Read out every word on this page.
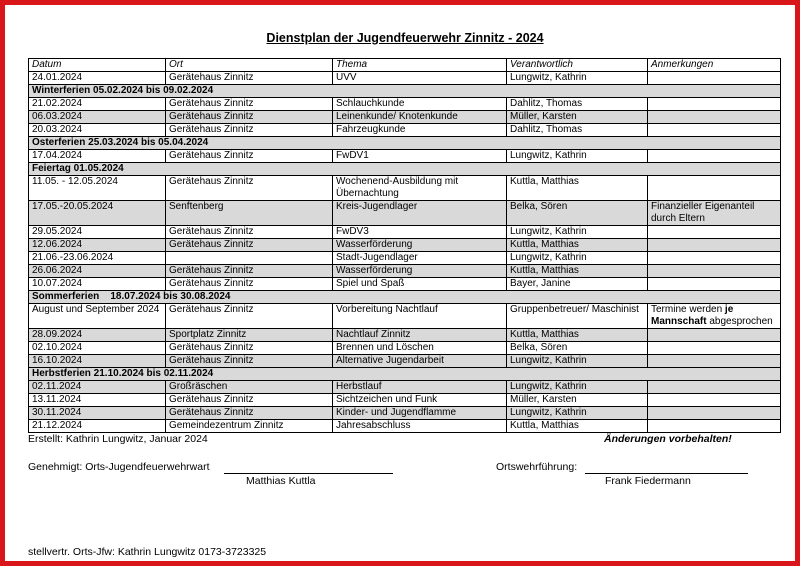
Dienstplan der Jugendfeuerwehr Zinnitz - 2024
Datum	Ort	Thema	Verantwortlich	Anmerkungen
24.01.2024	Gerätehaus Zinnitz	UVV	Lungwitz, Kathrin	
Winterferien 05.02.2024 bis 09.02.2024				
21.02.2024	Gerätehaus Zinnitz	Schlauchkunde	Dahlitz, Thomas	
06.03.2024	Gerätehaus Zinnitz	Leinenkunde/ Knotenkunde	Müller, Karsten	
20.03.2024	Gerätehaus Zinnitz	Fahrzeugkunde	Dahlitz, Thomas	
Osterferien 25.03.2024 bis 05.04.2024				
17.04.2024	Gerätehaus Zinnitz	FwDV1	Lungwitz, Kathrin	
Feiertag 01.05.2024				
11.05. - 12.05.2024	Gerätehaus Zinnitz	Wochenend-Ausbildung mit Übernachtung	Kuttla, Matthias	
17.05.-20.05.2024	Senftenberg	Kreis-Jugendlager	Belka, Sören	Finanzieller Eigenanteil durch Eltern
29.05.2024	Gerätehaus Zinnitz	FwDV3	Lungwitz, Kathrin	
12.06.2024	Gerätehaus Zinnitz	Wasserförderung	Kuttla, Matthias	
21.06.-23.06.2024		Stadt-Jugendlager	Lungwitz, Kathrin	
26.06.2024	Gerätehaus Zinnitz	Wasserförderung	Kuttla, Matthias	
10.07.2024	Gerätehaus Zinnitz	Spiel und Spaß	Bayer, Janine	
Sommerferien    18.07.2024 bis 30.08.2024				
August und September 2024	Gerätehaus Zinnitz	Vorbereitung Nachtlauf	Gruppenbetreuer/ Maschinist	Termine werden je Mannschaft abgesprochen
28.09.2024	Sportplatz Zinnitz	Nachtlauf Zinnitz	Kuttla, Matthias	
02.10.2024	Gerätehaus Zinnitz	Brennen und Löschen	Belka, Sören	
16.10.2024	Gerätehaus Zinnitz	Alternative Jugendarbeit	Lungwitz, Kathrin	
Herbstferien 21.10.2024 bis 02.11.2024				
02.11.2024	Großräschen	Herbstlauf	Lungwitz, Kathrin	
13.11.2024	Gerätehaus Zinnitz	Sichtzeichen und Funk	Müller, Karsten	
30.11.2024	Gerätehaus Zinnitz	Kinder- und Jugendflamme	Lungwitz, Kathrin	
21.12.2024	Gemeindezentrum Zinnitz	Jahresabschluss	Kuttla, Matthias	
Erstellt: Kathrin Lungwitz, Januar 2024	Änderungen vorbehalten!
Genehmigt: Orts-Jugendfeuerwehrwart
Matthias Kuttla
Ortswehrführung:
Frank Fiedermann
stellvertr. Orts-Jfw: Kathrin Lungwitz 0173-3723325
